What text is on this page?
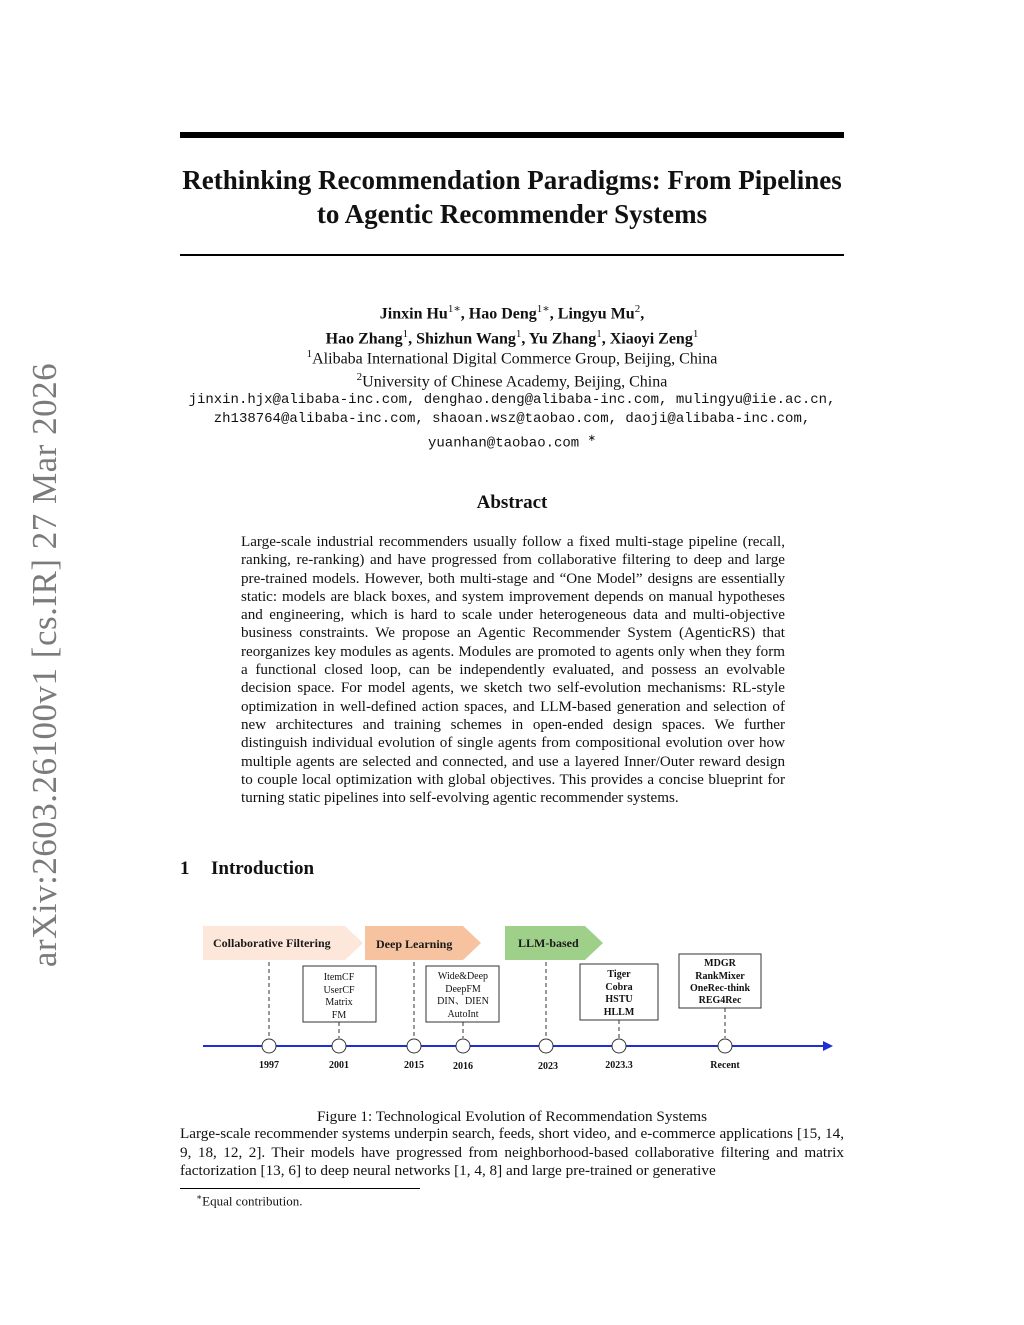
arXiv:2603.26100v1 [cs.IR] 27 Mar 2026
Rethinking Recommendation Paradigms: From Pipelines to Agentic Recommender Systems
Jinxin $Hu^{1∗}$, Hao Deng$^{1∗}$, Lingyu Mu$^2$,
Hao Zhang$^1$, Shizhun Wang$^1$, Yu Zhang$^1$, Xiaoyi Zeng$^1$
$^1$Alibaba International Digital Commerce Group, Beijing, China
$^2$University of Chinese Academy, Beijing, China
jinxin.hjx@alibaba-inc.com, denghao.deng@alibaba-inc.com, mulingyu@iie.ac.cn,
zh138764@alibaba-inc.com, shaoan.wsz@taobao.com, daoji@alibaba-inc.com,
yuanhan@taobao.com ∗
Abstract
Large-scale industrial recommenders usually follow a fixed multi-stage pipeline (recall, ranking, re-ranking) and have progressed from collaborative filtering to deep and large pre-trained models. However, both multi-stage and “One Model” designs are essentially static: models are black boxes, and system improvement depends on manual hypotheses and engineering, which is hard to scale under heterogeneous data and multi-objective business constraints. We propose an Agentic Recommender System (AgenticRS) that reorganizes key modules as agents. Modules are promoted to agents only when they form a functional closed loop, can be independently evaluated, and possess an evolvable decision space. For model agents, we sketch two self-evolution mechanisms: RL-style optimization in well-defined action spaces, and LLM-based generation and selection of new architectures and training schemes in open-ended design spaces. We further distinguish individual evolution of single agents from compositional evolution over how multiple agents are selected and connected, and use a layered Inner/Outer reward design to couple local optimization with global objectives. This provides a concise blueprint for turning static pipelines into self-evolving agentic recommender systems.
1 Introduction
Collaborative Filtering	Deep Learning	LLM-based
ItemCF
UserCF
Matrix
FM
Wide&Deep
DeepFM
DIN、DIEN
AutoInt
Tiger
Cobra
HSTU
HLLM
MDGR
RankMixer
OneRec-think
REG4Rec
1997	2001	2015	2016	2023	2023.3	Recent
Figure 1: Technological Evolution of Recommendation Systems
Large-scale recommender systems underpin search, feeds, short video, and e-commerce applications [15, 14, 9, 18, 12, 2]. Their models have progressed from neighborhood-based collaborative filtering and matrix factorization [13, 6] to deep neural networks [1, 4, 8] and large pre-trained or generative
∗Equal contribution.
